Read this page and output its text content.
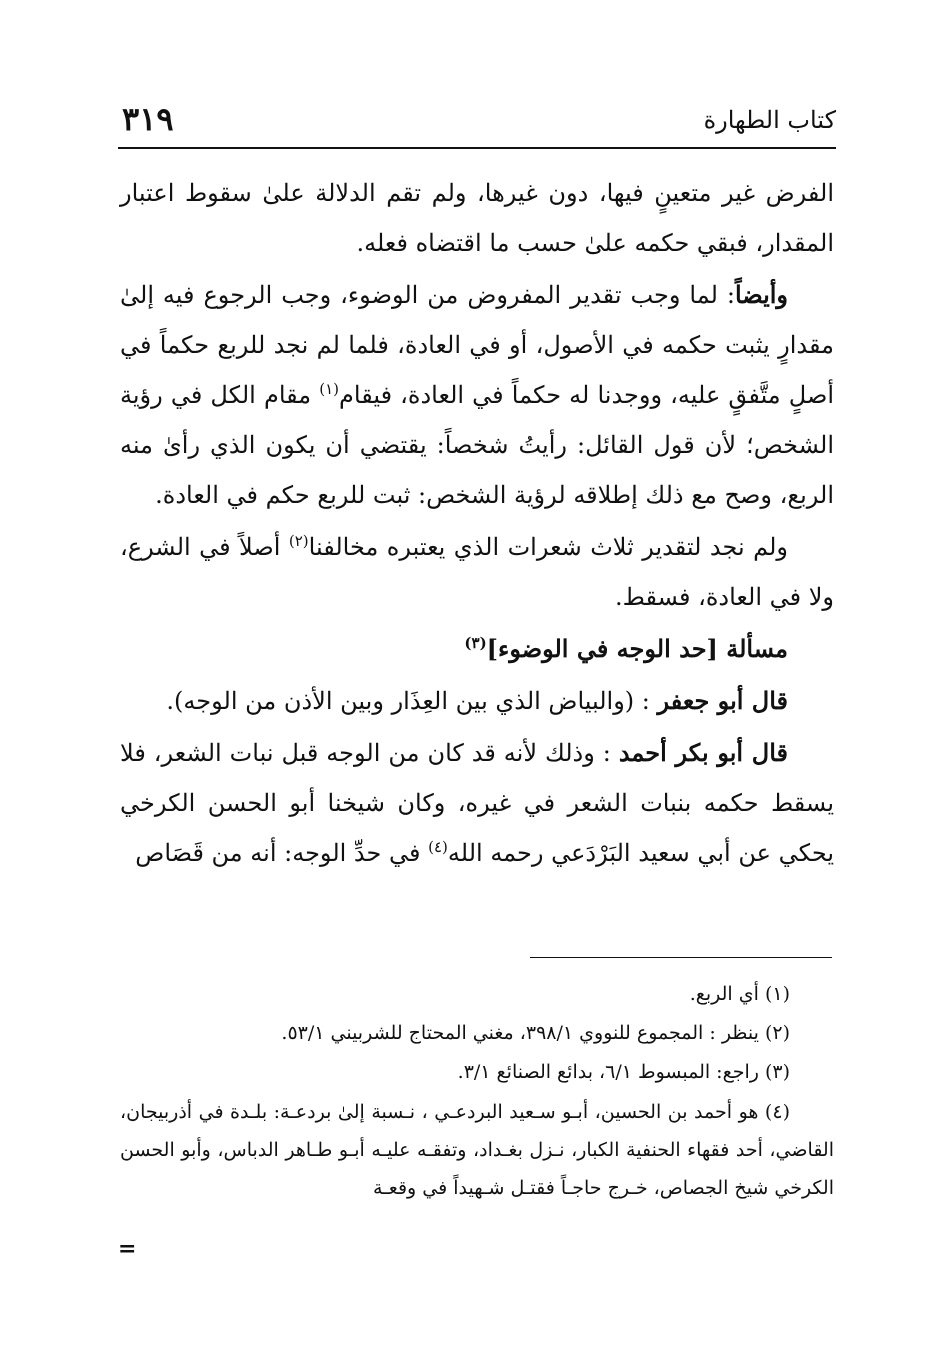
كتاب الطهارة
٣١٩

الفرض غير متعينٍ فيها، دون غيرها، ولم تقم الدلالة علىٰ سقوط اعتبار المقدار، فبقي حكمه علىٰ حسب ما اقتضاه فعله.

وأيضاً: لما وجب تقدير المفروض من الوضوء، وجب الرجوع فيه إلىٰ مقدارٍ يثبت حكمه في الأصول، أو في العادة، فلما لم نجد للربع حكماً في أصلٍ متَّفقٍ عليه، ووجدنا له حكماً في العادة، فيقام$^{(١)}$ مقام الكل في رؤية الشخص؛ لأن قول القائل: رأيتُ شخصاً: يقتضي أن يكون الذي رأىٰ منه الربع، وصح مع ذلك إطلاقه لرؤية الشخص: ثبت للربع حكم في العادة.

ولم نجد لتقدير ثلاث شعرات الذي يعتبره مخالفنا$^{(٢)}$ أصلاً في الشرع، ولا في العادة، فسقط.

مسألة [حد الوجه في الوضوء]$^{(٣)}$

قال أبو جعفر : (والبياض الذي بين العِذَار وبين الأذن من الوجه).

قال أبو بكر أحمد : وذلك لأنه قد كان من الوجه قبل نبات الشعر، فلا يسقط حكمه بنبات الشعر في غيره، وكان شيخنا أبو الحسن الكرخي يحكي عن أبي سعيد البَرْدَعي رحمه الله$^{(٤)}$ في حدِّ الوجه: أنه من قَصَاص

(١) أي الربع.

(٢) ينظر : المجموع للنووي ٣٩٨/١، مغني المحتاج للشربيني ٥٣/١.

(٣) راجع: المبسوط ٦/١، بدائع الصنائع ٣/١.

(٤) هو أحمد بن الحسين، أبـو سـعيد البردعـي ، نـسبة إلىٰ بردعـة: بلـدة في أذربيجان، القاضي، أحد فقهاء الحنفية الكبار، نـزل بغـداد، وتفقـه عليـه أبـو طـاهر الدباس، وأبو الحسن الكرخي شيخ الجصاص، خـرج حاجـاً فقتـل شـهيداً في وقعـة

=
